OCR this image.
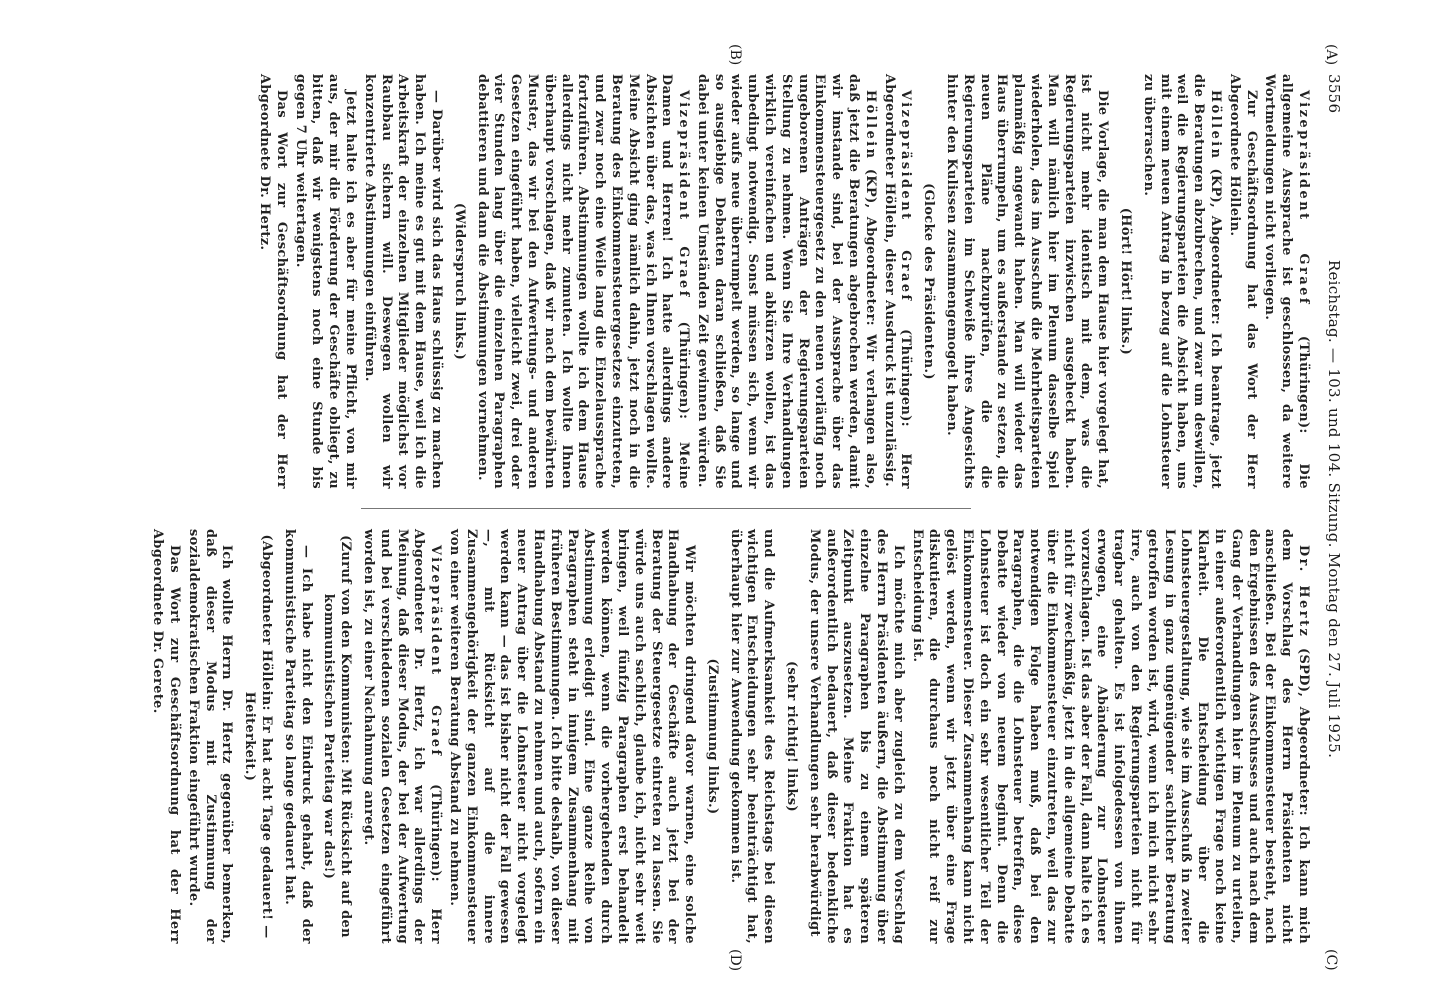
3556
Reichstag. — 103. und 104. Sitzung. Montag den 27. Juli 1925.
(A)
(B)
(C)
(D)

Vizepräsident Graef (Thüringen): Die allgemeine Aussprache ist geschlossen, da weitere Wortmeldungen nicht vorliegen.

Zur Geschäftsordnung hat das Wort der Herr Abgeordnete Höllein.

Höllein (KP), Abgeordneter: Ich beantrage, jetzt die Beratungen abzubrechen, und zwar um deswillen, weil die Regierungsparteien die Absicht haben, uns mit einem neuen Antrag in bezug auf die Lohnsteuer zu überraschen.

(Hört! Hört! links.)

Die Vorlage, die man dem Hause hier vorgelegt hat, ist nicht mehr identisch mit dem, was die Regierungsparteien inzwischen ausgeheckt haben. Man will nämlich hier im Plenum dasselbe Spiel wiederholen, das im Ausschuß die Mehrheitsparteien planmäßig angewandt haben. Man will wieder das Haus überrumpeln, um es außerstande zu setzen, die neuen Pläne nachzuprüfen, die die Regierungsparteien im Schweiße ihres Angesichts hinter den Kulissen zusammengemogelt haben.

(Glocke des Präsidenten.)

Vizepräsident Graef (Thüringen): Herr Abgeordneter Höllein, dieser Ausdruck ist unzulässig.

Höllein (KP), Abgeordneter: Wir verlangen also, daß jetzt die Beratungen abgebrochen werden, damit wir imstande sind, bei der Aussprache über das Einkommensteuergesetz zu den neuen vorläufig noch ungeborenen Anträgen der Regierungsparteien Stellung zu nehmen. Wenn Sie Ihre Verhandlungen wirklich vereinfachen und abkürzen wollen, ist das unbedingt notwendig. Sonst müssen sich, wenn wir wieder aufs neue überrumpelt werden, so lange und so ausgiebige Debatten daran schließen, daß Sie dabei unter keinen Umständen Zeit gewinnen würden.

Vizepräsident Graef (Thüringen): Meine Damen und Herren! Ich hatte allerdings andere Absichten über das, was ich Ihnen vorschlagen wollte. Meine Absicht ging nämlich dahin, jetzt noch in die Beratung des Einkommensteuergesetzes einzutreten, und zwar noch eine Weile lang die Einzelaussprache fortzuführen. Abstimmungen wollte ich dem Hause allerdings nicht mehr zumuten. Ich wollte Ihnen überhaupt vorschlagen, daß wir nach dem bewährten Muster, das wir bei den Aufwertungs- und anderen Gesetzen eingeführt haben, vielleicht zwei, drei oder vier Stunden lang über die einzelnen Paragraphen debattieren und dann die Abstimmungen vornehmen.

(Widerspruch links.)

— Darüber wird sich das Haus schlüssig zu machen haben. Ich meine es gut mit dem Hause, weil ich die Arbeitskraft der einzelnen Mitglieder möglichst vor Raubbau sichern will. Deswegen wollen wir konzentrierte Abstimmungen einführen.

Jetzt halte ich es aber für meine Pflicht, von mir aus, der mir die Förderung der Geschäfte obliegt, zu bitten, daß wir wenigstens noch eine Stunde bis gegen 7 Uhr weitertagen.

Das Wort zur Geschäftsordnung hat der Herr Abgeordnete Dr. Hertz.

Dr. Hertz (SPD), Abgeordneter: Ich kann mich dem Vorschlag des Herrn Präsidenten nicht anschließen. Bei der Einkommensteuer besteht, nach den Ergebnissen des Ausschusses und auch nach dem Gang der Verhandlungen hier im Plenum zu urteilen, in einer außerordentlich wichtigen Frage noch keine Klarheit. Die Entscheidung über die Lohnsteuergestaltung, wie sie im Ausschuß in zweiter Lesung in ganz ungenügender sachlicher Beratung getroffen worden ist, wird, wenn ich mich nicht sehr irre, auch von den Regierungsparteien nicht für tragbar gehalten. Es ist infolgedessen von ihnen erwogen, eine Abänderung zur Lohnsteuer vorzuschlagen. Ist das aber der Fall, dann halte ich es nicht für zweckmäßig, jetzt in die allgemeine Debatte über die Einkommensteuer einzutreten, weil das zur notwendigen Folge haben muß, daß bei den Paragraphen, die die Lohnsteuer betreffen, diese Debatte wieder von neuem beginnt. Denn die Lohnsteuer ist doch ein sehr wesentlicher Teil der Einkommensteuer. Dieser Zusammenhang kann nicht gelöst werden, wenn wir jetzt über eine Frage diskutieren, die durchaus noch nicht reif zur Entscheidung ist.

Ich möchte mich aber zugleich zu dem Vorschlag des Herrn Präsidenten äußern, die Abstimmung über einzelne Paragraphen bis zu einem späteren Zeitpunkt auszusetzen. Meine Fraktion hat es außerordentlich bedauert, daß dieser bedenkliche Modus, der unsere Verhandlungen sehr herabwürdigt

(sehr richtig! links)

und die Aufmerksamkeit des Reichstags bei diesen wichtigen Entscheidungen sehr beeinträchtigt hat, überhaupt hier zur Anwendung gekommen ist.

(Zustimmung links.)

Wir möchten dringend davor warnen, eine solche Handhabung der Geschäfte auch jetzt bei der Beratung der Steuergesetze eintreten zu lassen. Sie würde uns auch sachlich, glaube ich, nicht sehr weit bringen, weil fünfzig Paragraphen erst behandelt werden können, wenn die vorhergehenden durch Abstimmung erledigt sind. Eine ganze Reihe von Paragraphen steht in innigem Zusammenhang mit früheren Bestimmungen. Ich bitte deshalb, von dieser Handhabung Abstand zu nehmen und auch, sofern ein neuer Antrag über die Lohnsteuer nicht vorgelegt werden kann — das ist bisher nicht der Fall gewesen —, mit Rücksicht auf die innere Zusammengehörigkeit der ganzen Einkommensteuer von einer weiteren Beratung Abstand zu nehmen.

Vizepräsident Graef (Thüringen): Herr Abgeordneter Dr. Hertz, ich war allerdings der Meinung, daß dieser Modus, der bei der Aufwertung und bei verschiedenen sozialen Gesetzen eingeführt worden ist, zu einer Nachahmung anregt.

(Zuruf von den Kommunisten: Mit Rücksicht auf den kommunistischen Parteitag war das!)

— Ich habe nicht den Eindruck gehabt, daß der kommunistische Parteitag so lange gedauert hat.

(Abgeordneter Höllein: Er hat acht Tage gedauert! — Heiterkeit.)

Ich wollte Herrn Dr. Hertz gegenüber bemerken, daß dieser Modus mit Zustimmung der sozialdemokratischen Fraktion eingeführt wurde.

Das Wort zur Geschäftsordnung hat der Herr Abgeordnete Dr. Gerete.
